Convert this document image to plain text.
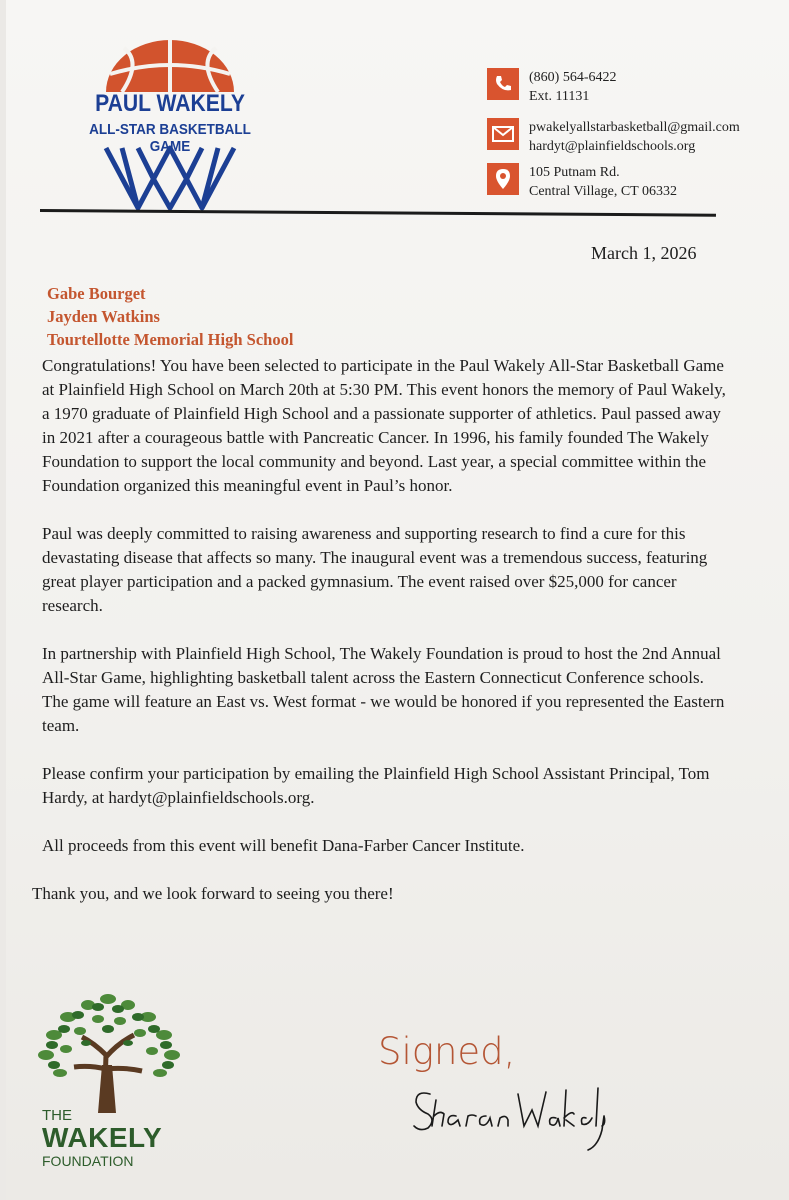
PAUL WAKELY
ALL-STAR BASKETBALL GAME
(860) 564-6422
Ext. 11131
pwakelyallstarbasketball@gmail.com
hardyt@plainfieldschools.org
105 Putnam Rd.
Central Village, CT 06332
March 1, 2026
Gabe Bourget
Jayden Watkins
Tourtellotte Memorial High School

Congratulations! You have been selected to participate in the Paul Wakely All-Star Basketball Game at Plainfield High School on March 20th at 5:30 PM. This event honors the memory of Paul Wakely, a 1970 graduate of Plainfield High School and a passionate supporter of athletics. Paul passed away in 2021 after a courageous battle with Pancreatic Cancer. In 1996, his family founded The Wakely Foundation to support the local community and beyond. Last year, a special committee within the Foundation organized this meaningful event in Paul’s honor.

Paul was deeply committed to raising awareness and supporting research to find a cure for this devastating disease that affects so many. The inaugural event was a tremendous success, featuring great player participation and a packed gymnasium. The event raised over $25,000 for cancer research.

In partnership with Plainfield High School, The Wakely Foundation is proud to host the 2nd Annual All-Star Game, highlighting basketball talent across the Eastern Connecticut Conference schools. The game will feature an East vs. West format - we would be honored if you represented the Eastern team.

Please confirm your participation by emailing the Plainfield High School Assistant Principal, Tom Hardy, at hardyt@plainfieldschools.org.

All proceeds from this event will benefit Dana-Farber Cancer Institute.

Thank you, and we look forward to seeing you there!

THE
WAKELY
FOUNDATION
Signed,
